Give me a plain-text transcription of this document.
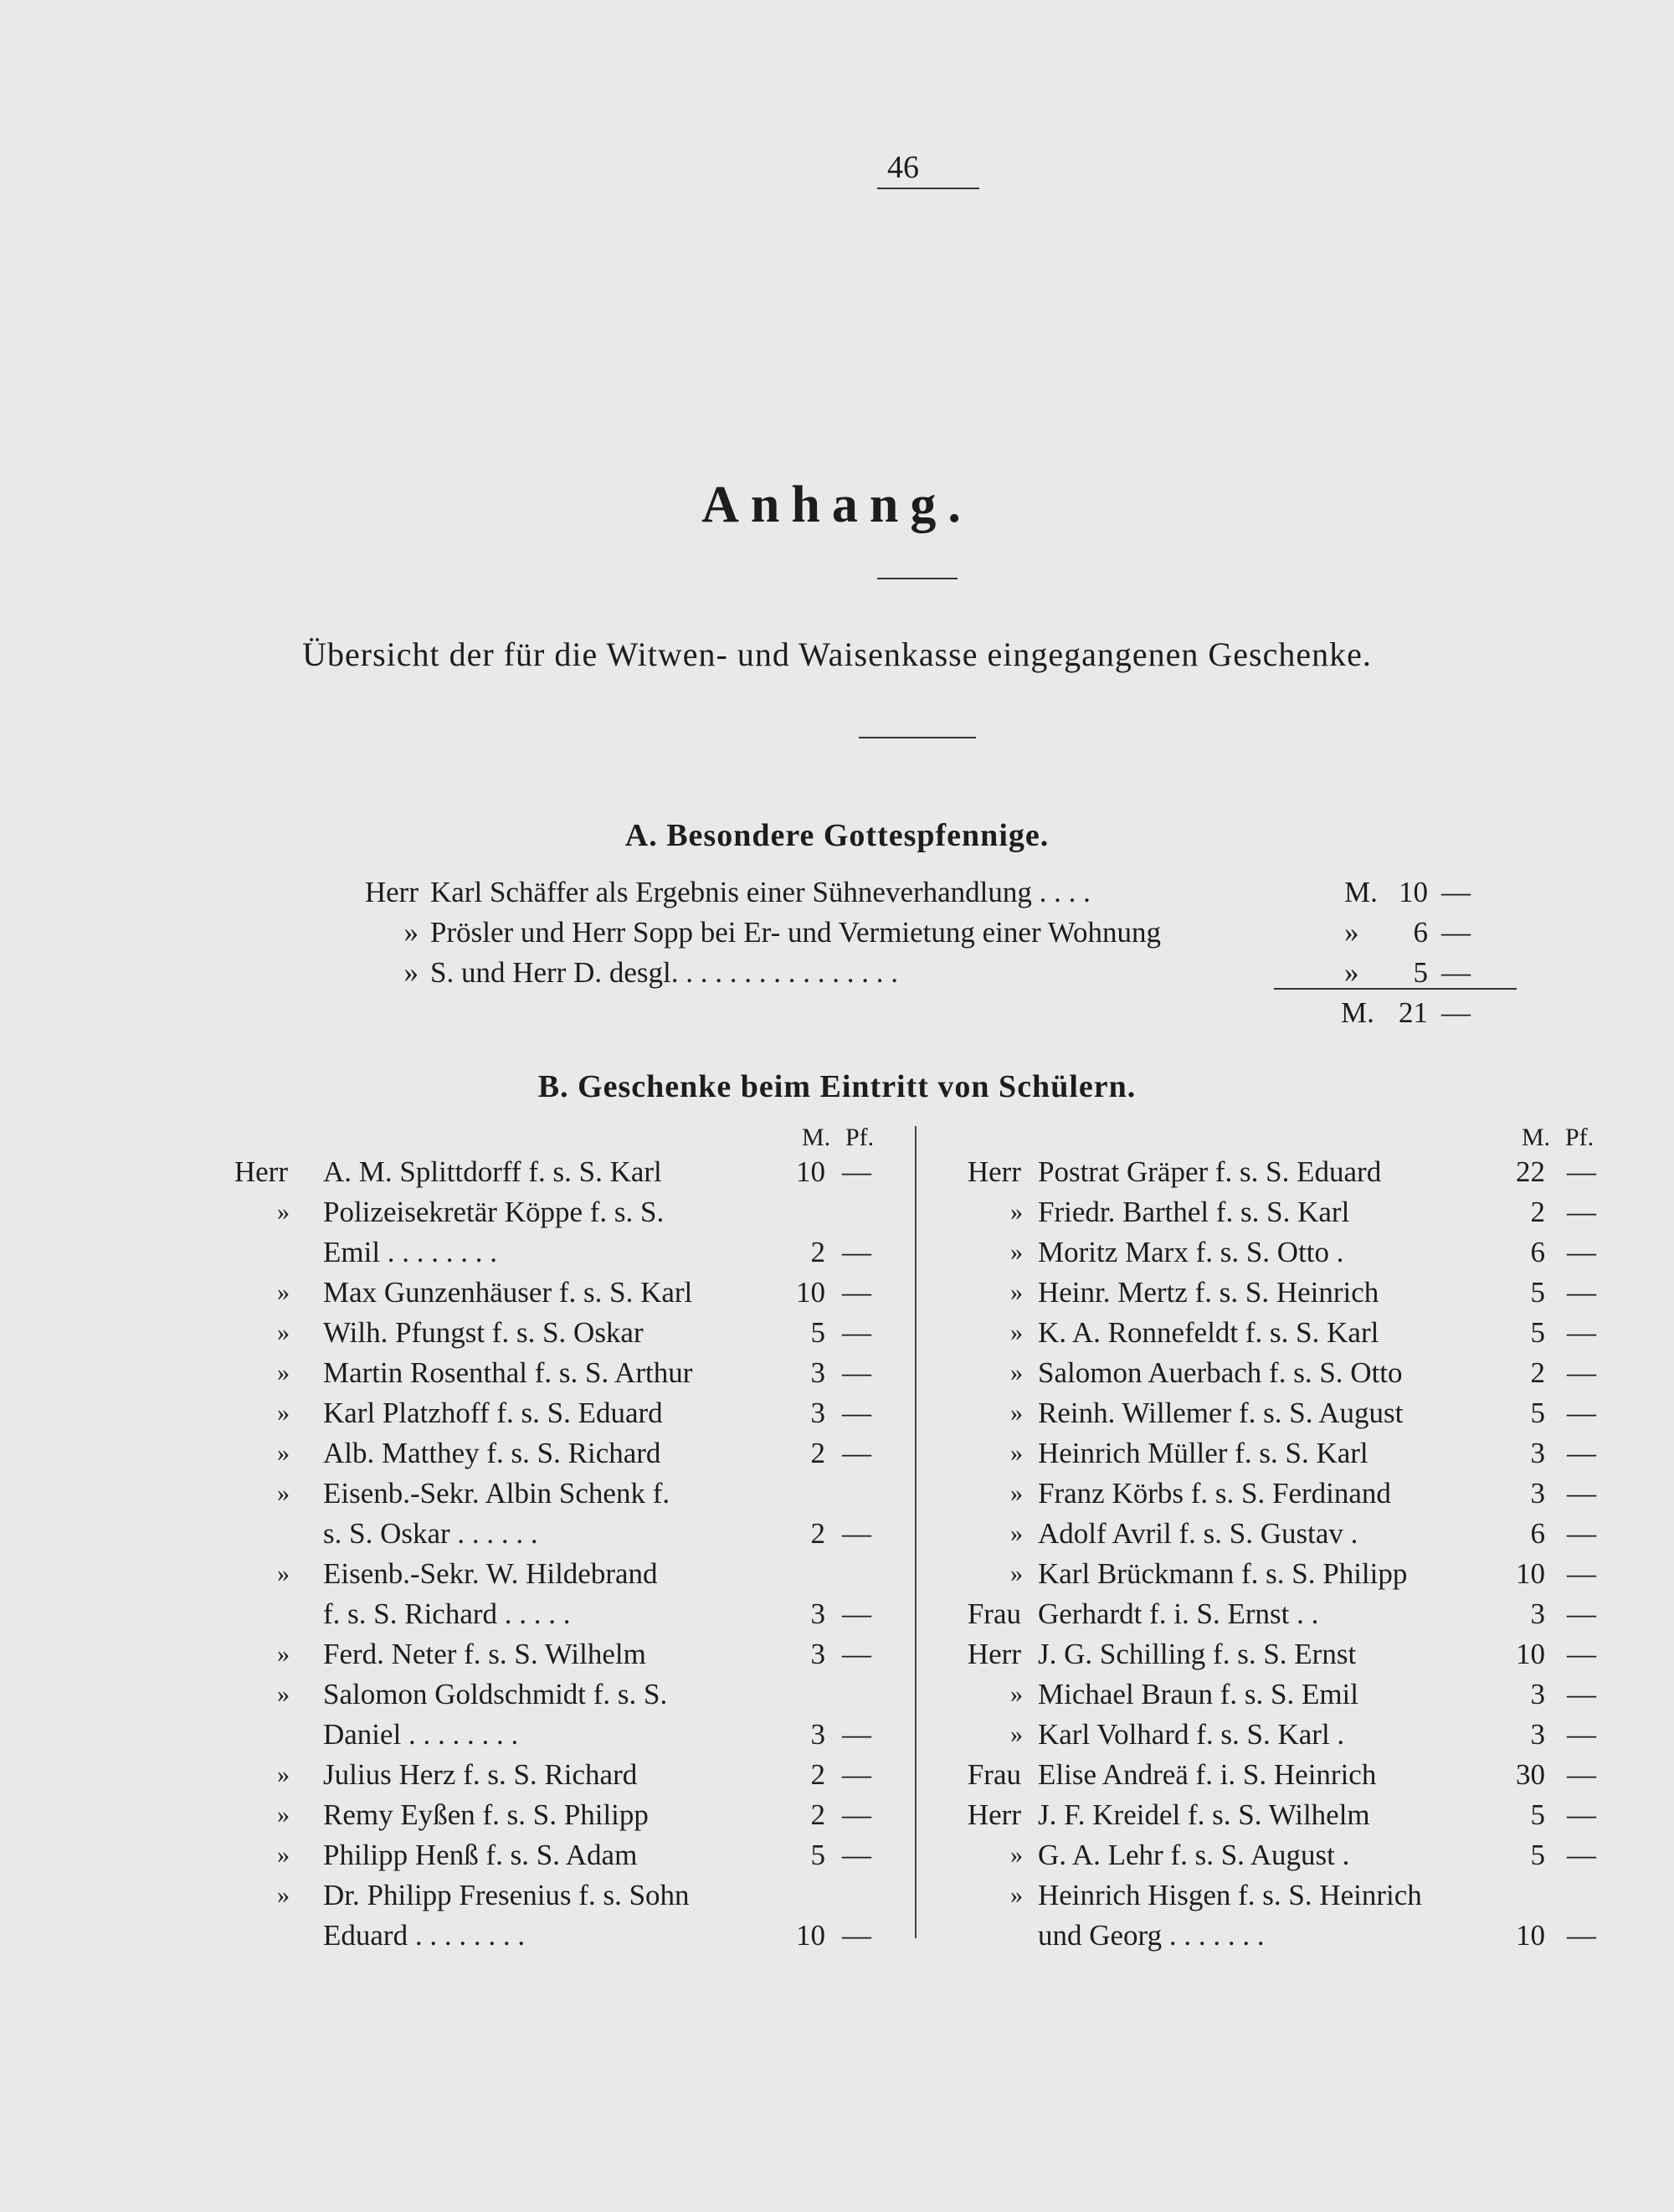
46
Anhang.
Übersicht der für die Witwen- und Waisenkasse eingegangenen Geschenke.
A. Besondere Gottespfennige.
Herr Karl Schäffer als Ergebnis einer Sühneverhandlung . . . .	M. 10 —
» Prösler und Herr Sopp bei Er- und Vermietung einer Wohnung	»	6 —
» S. und Herr D. desgl. . . . . . . . . . . . . . . .	»	5 —
M. 21 —
B. Geschenke beim Eintritt von Schülern.
M. Pf.	M. Pf.
Herr A. M. Splittdorff f. s. S. Karl	10 —
» Polizeisekretär Köppe f. s. S.
Emil . . . . . . . .	2 —
» Max Gunzenhäuser f. s. S. Karl	10 —
» Wilh. Pfungst f. s. S. Oskar	5 —
» Martin Rosenthal f. s. S. Arthur	3 —
» Karl Platzhoff f. s. S. Eduard	3 —
» Alb. Matthey f. s. S. Richard	2 —
» Eisenb.-Sekr. Albin Schenk f.
s. S. Oskar . . . . . .	2 —
» Eisenb.-Sekr. W. Hildebrand
f. s. S. Richard . . . . .	3 —
» Ferd. Neter f. s. S. Wilhelm	3 —
» Salomon Goldschmidt f. s. S.
Daniel . . . . . . . .	3 —
» Julius Herz f. s. S. Richard	2 —
» Remy Eyßen f. s. S. Philipp	2 —
» Philipp Henß f. s. S. Adam	5 —
» Dr. Philipp Fresenius f. s. Sohn
Eduard . . . . . . . .	10 —
Herr Postrat Gräper f. s. S. Eduard	22 —
» Friedr. Barthel f. s. S. Karl	2 —
» Moritz Marx f. s. S. Otto .	6 —
» Heinr. Mertz f. s. S. Heinrich	5 —
» K. A. Ronnefeldt f. s. S. Karl	5 —
» Salomon Auerbach f. s. S. Otto	2 —
» Reinh. Willemer f. s. S. August	5 —
» Heinrich Müller f. s. S. Karl	3 —
» Franz Körbs f. s. S. Ferdinand	3 —
» Adolf Avril f. s. S. Gustav .	6 —
» Karl Brückmann f. s. S. Philipp	10 —
Frau Gerhardt f. i. S. Ernst . .	3 —
Herr J. G. Schilling f. s. S. Ernst	10 —
» Michael Braun f. s. S. Emil	3 —
» Karl Volhard f. s. S. Karl .	3 —
Frau Elise Andreä f. i. S. Heinrich	30 —
Herr J. F. Kreidel f. s. S. Wilhelm	5 —
» G. A. Lehr f. s. S. August .	5 —
» Heinrich Hisgen f. s. S. Heinrich
und Georg . . . . . . .	10 —
